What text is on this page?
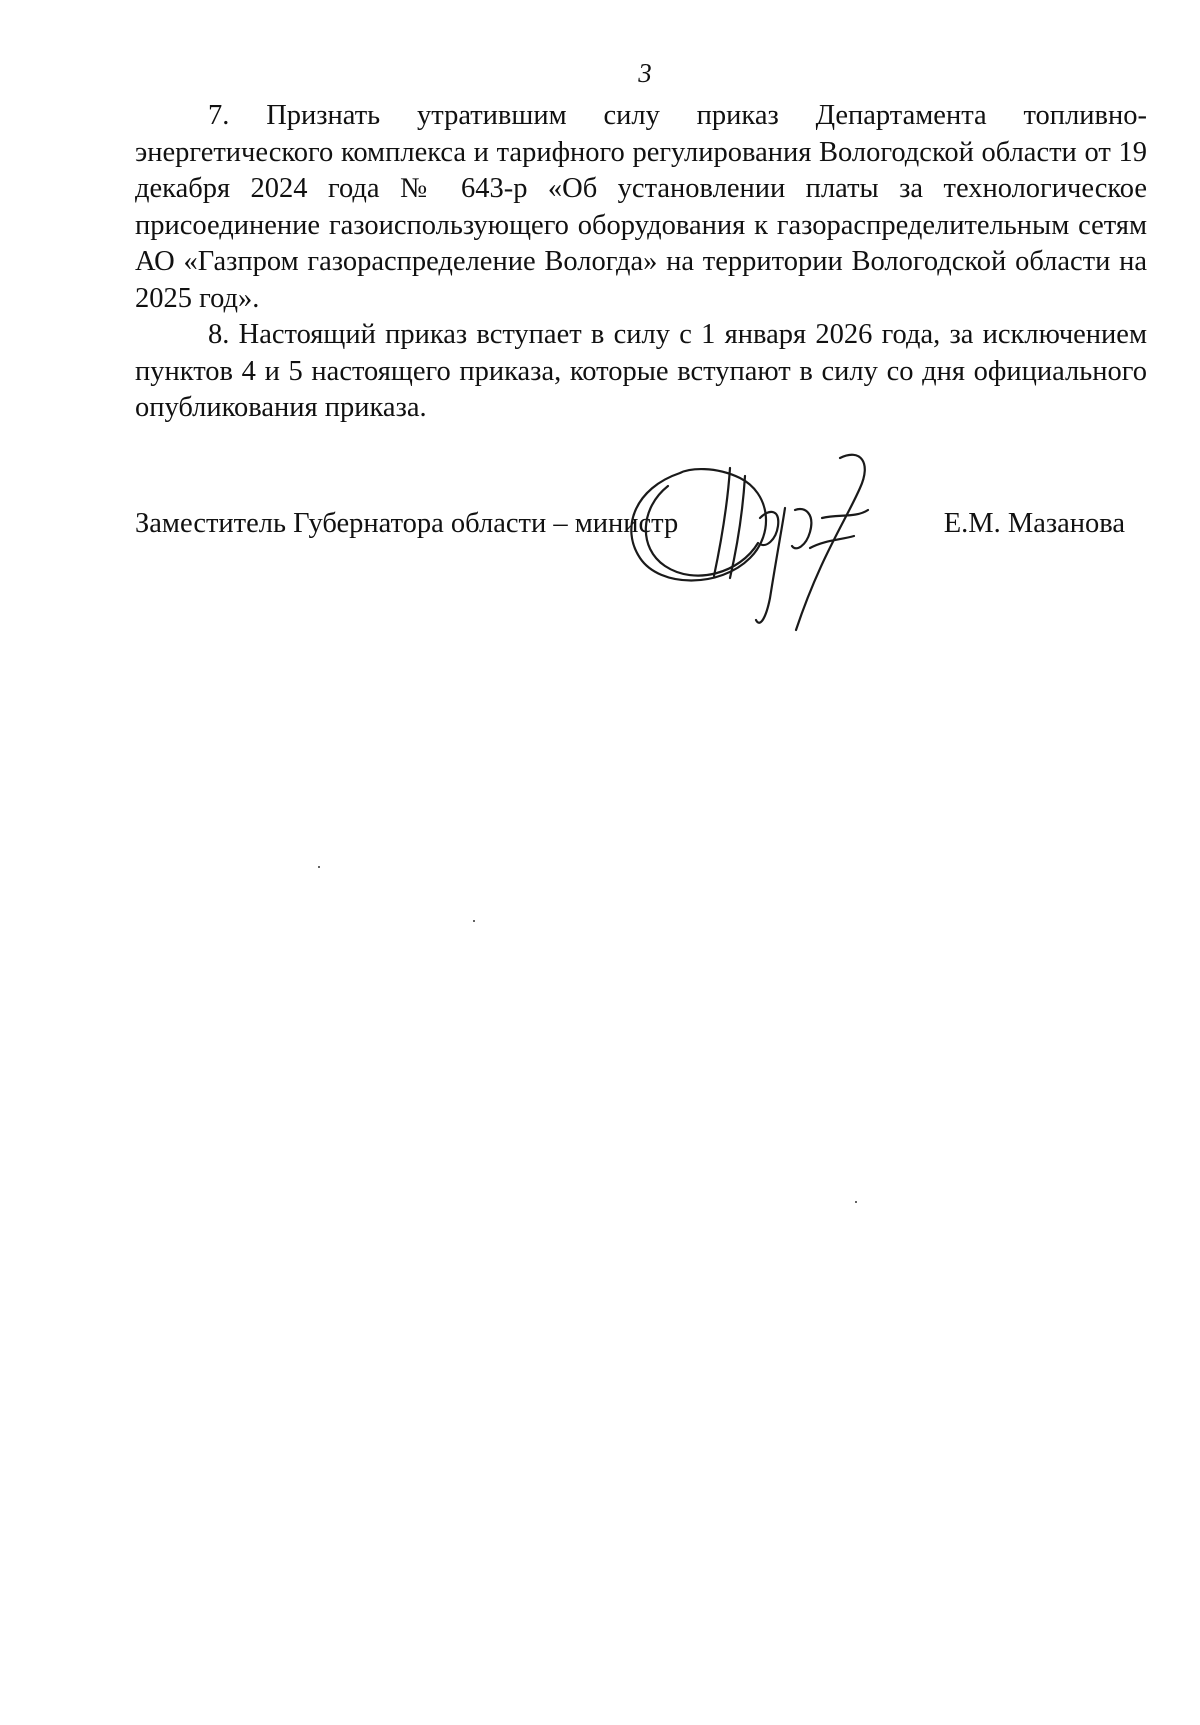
3

7. Признать утратившим силу приказ Департамента топливно-энергетического комплекса и тарифного регулирования Вологодской области от 19 декабря 2024 года № 643-р «Об установлении платы за технологическое присоединение газоиспользующего оборудования к газораспределительным сетям АО «Газпром газораспределение Вологда» на территории Вологодской области на 2025 год».

8. Настоящий приказ вступает в силу с 1 января 2026 года, за исключением пунктов 4 и 5 настоящего приказа, которые вступают в силу со дня официального опубликования приказа.

Заместитель Губернатора области – министр	Е.М. Мазанова
